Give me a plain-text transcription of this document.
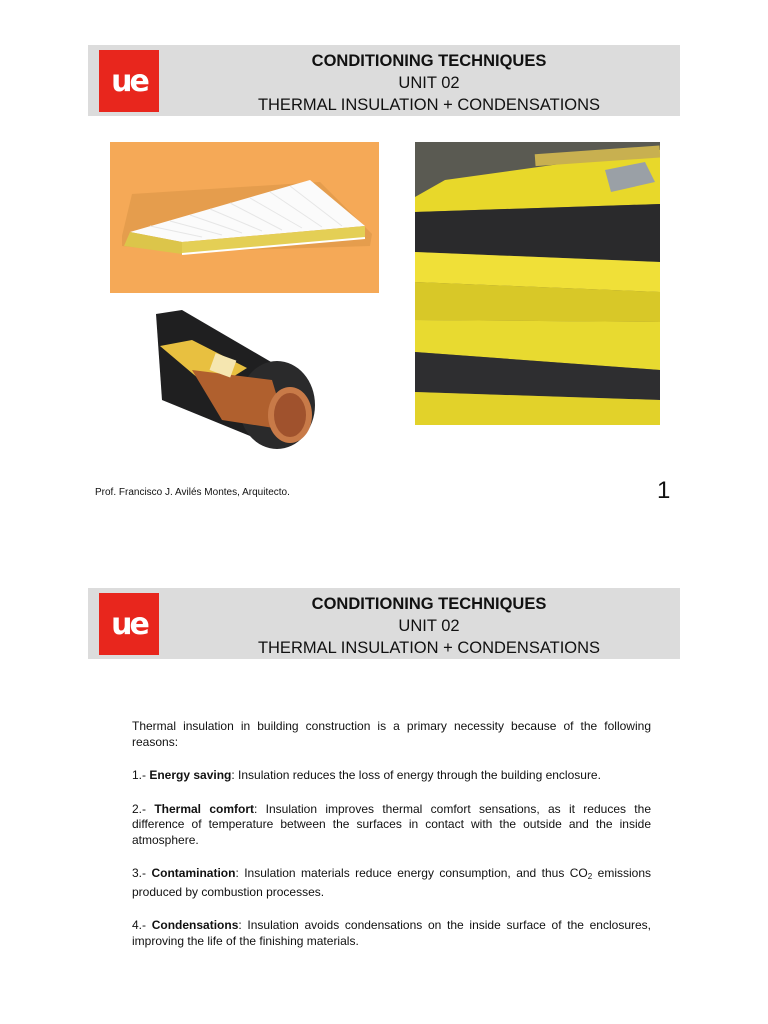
ue
CONDITIONING TECHNIQUES
UNIT 02
THERMAL INSULATION + CONDENSATIONS
Prof. Francisco J. Avilés Montes, Arquitecto.	1
ue
CONDITIONING TECHNIQUES
UNIT 02
THERMAL INSULATION + CONDENSATIONS

Thermal insulation in building construction is a primary necessity because of the following reasons:

1.- Energy saving: Insulation reduces the loss of energy through the building enclosure.

2.- Thermal comfort: Insulation improves thermal comfort sensations, as it reduces the difference of temperature between the surfaces in contact with the outside and the inside atmosphere.

3.- Contamination: Insulation materials reduce energy consumption, and thus $CO_2$ emissions produced by combustion processes.

4.- Condensations: Insulation avoids condensations on the inside surface of the enclosures, improving the life of the finishing materials.
